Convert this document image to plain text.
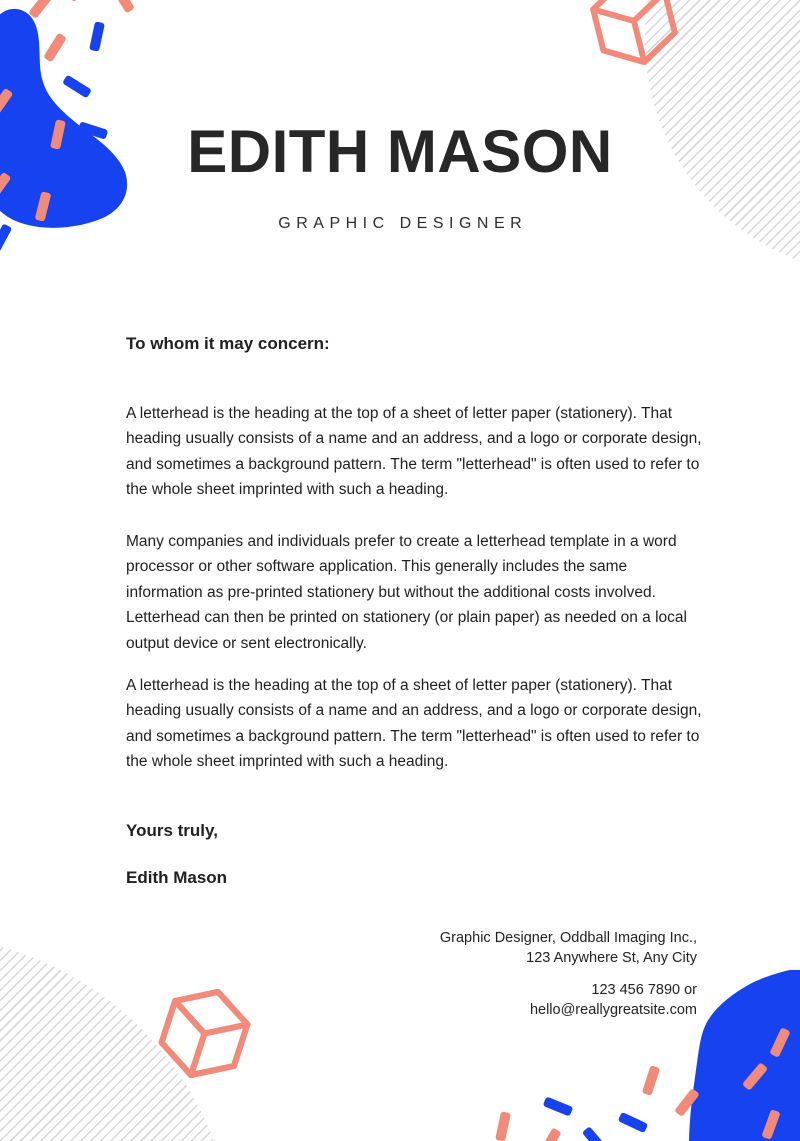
EDITH MASON
GRAPHIC DESIGNER
To whom it may concern:
A letterhead is the heading at the top of a sheet of letter paper (stationery). That heading usually consists of a name and an address, and a logo or corporate design, and sometimes a background pattern. The term "letterhead" is often used to refer to the whole sheet imprinted with such a heading.
Many companies and individuals prefer to create a letterhead template in a word processor or other software application. This generally includes the same information as pre-printed stationery but without the additional costs involved. Letterhead can then be printed on stationery (or plain paper) as needed on a local output device or sent electronically.
A letterhead is the heading at the top of a sheet of letter paper (stationery). That heading usually consists of a name and an address, and a logo or corporate design, and sometimes a background pattern. The term "letterhead" is often used to refer to the whole sheet imprinted with such a heading.
Yours truly,
Edith Mason
Graphic Designer, Oddball Imaging Inc.,
123 Anywhere St, Any City
123 456 7890 or
hello@reallygreatsite.com
